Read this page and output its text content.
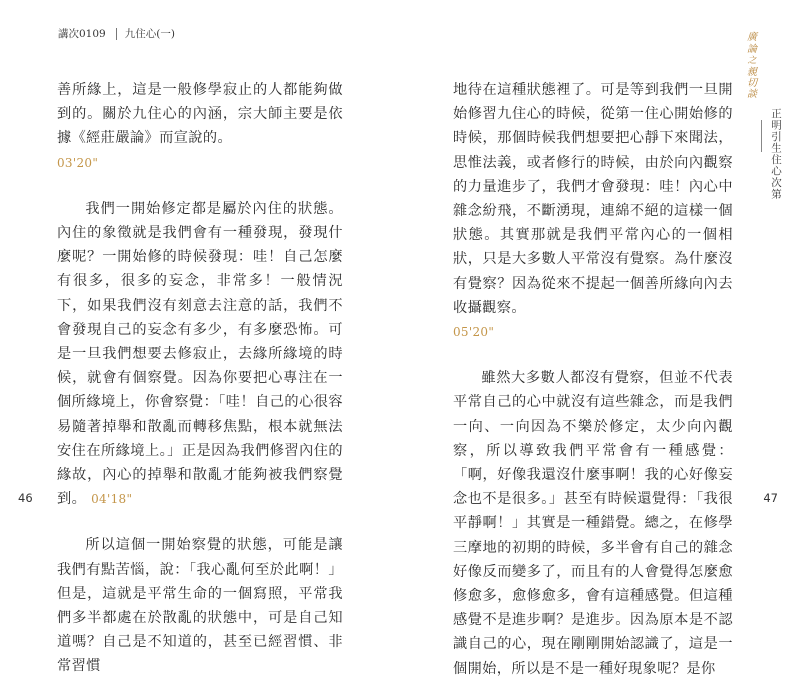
講次0109 九住心(一)

善所緣上，這是一般修學寂止的人都能夠做到的。關於九住心的內涵，宗大師主要是依據《經莊嚴論》而宣說的。
03'20"

我們一開始修定都是屬於內住的狀態。內住的象徵就是我們會有一種發現，發現什麼呢？一開始修的時候發現：哇！自己怎麼有很多，很多的妄念，非常多！一般情況下，如果我們沒有刻意去注意的話，我們不會發現自己的妄念有多少，有多麼恐怖。可是一旦我們想要去修寂止，去緣所緣境的時候，就會有個察覺。因為你要把心專注在一個所緣境上，你會察覺：「哇！自己的心很容易隨著掉舉和散亂而轉移焦點，根本就無法安住在所緣境上。」正是因為我們修習內住的緣故，內心的掉舉和散亂才能夠被我們察覺到。 04'18"

所以這個一開始察覺的狀態，可能是讓我們有點苦惱，說：「我心亂何至於此啊！」但是，這就是平常生命的一個寫照，平常我們多半都處在於散亂的狀態中，可是自己知道嗎？自己是不知道的，甚至已經習慣、非常習慣

46
廣
論
之
親
切
談
正明引生住心次第

地待在這種狀態裡了。可是等到我們一旦開始修習九住心的時候，從第一住心開始修的時候，那個時候我們想要把心靜下來聞法，思惟法義，或者修行的時候，由於向內觀察的力量進步了，我們才會發現：哇！內心中雜念紛飛，不斷湧現，連綿不絕的這樣一個狀態。其實那就是我們平常內心的一個相狀，只是大多數人平常沒有覺察。為什麼沒有覺察？因為從來不提起一個善所緣向內去收攝觀察。
05'20"

雖然大多數人都沒有覺察，但並不代表平常自己的心中就沒有這些雜念，而是我們一向、一向因為不樂於修定，太少向內觀察，所以導致我們平常會有一種感覺：「啊，好像我還沒什麼事啊！我的心好像妄念也不是很多。」甚至有時候還覺得：「我很平靜啊！」其實是一種錯覺。總之，在修學三摩地的初期的時候，多半會有自己的雜念好像反而變多了，而且有的人會覺得怎麼愈修愈多，愈修愈多，會有這種感覺。但這種感覺不是進步啊？是進步。因為原本是不認識自己的心，現在剛剛開始認識了，這是一個開始，所以是不是一種好現象呢？是你

47
